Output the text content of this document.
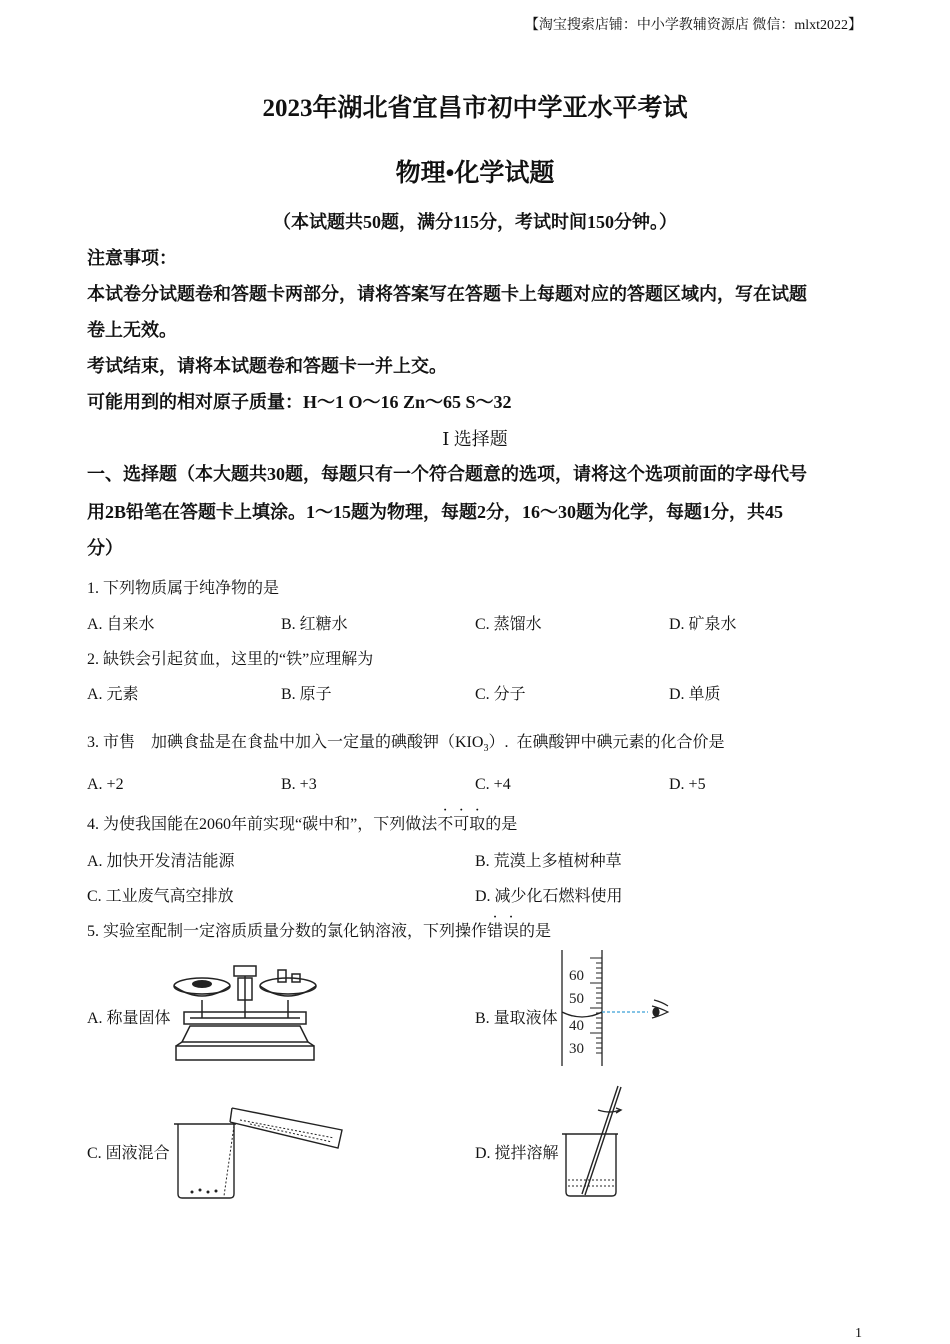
【淘宝搜索店铺：中小学教辅资源店 微信：mlxt2022】
2023年湖北省宜昌市初中学亚水平考试
物理•化学试题
（本试题共50题，满分115分，考试时间150分钟。）
注意事项：
本试卷分试题卷和答题卡两部分，请将答案写在答题卡上每题对应的答题区域内，写在试题
卷上无效。
考试结束，请将本试题卷和答题卡一并上交。
可能用到的相对原子质量：H～1 O～16 Zn～65 S～32
Ⅰ 选择题
一、选择题（本大题共30题，每题只有一个符合题意的选项，请将这个选项前面的字母代号
用2B铅笔在答题卡上填涂。1～15题为物理，每题2分，16～30题为化学，每题1分，共45
分）
1. 下列物质属于纯净物的是
A. 自来水	B. 红糖水	C. 蒸馏水	D. 矿泉水
2. 缺铁会引起贫血，这里的“铁”应理解为
A. 元素	B. 原子	C. 分子	D. 单质
3. 市售    加碘食盐是在食盐中加入一定量的碘酸钾$(KIO_3)$.  在碘酸钾中碘元素的化合价是
A. +2	B. +3	C. +4	D. +5
4. 为使我国能在2060年前实现“碳中和”，下列做法不可取的是
A. 加快开发清洁能源	B. 荒漠上多植树种草
C. 工业废气高空排放	D. 减少化石燃料使用
5. 实验室配制一定溶质质量分数的氯化钠溶液，下列操作错误的是
A. 称量固体	B. 量取液体
C. 固液混合	D. 搅拌溶解
60
50
40
30
1
